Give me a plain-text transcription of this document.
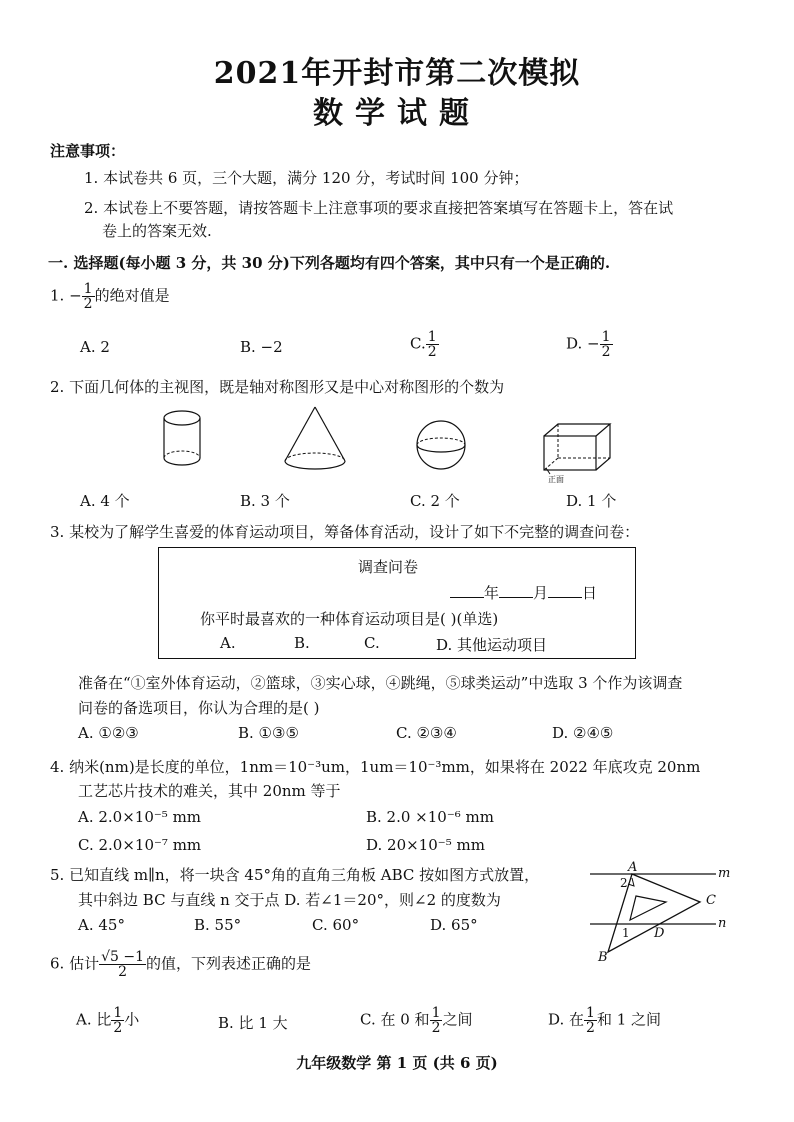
2021年开封市第二次模拟
数学试题
注意事项：
1. 本试卷共 6 页，三个大题，满分 120 分，考试时间 100 分钟；
2. 本试卷上不要答题，请按答题卡上注意事项的要求直接把答案填写在答题卡上，答在试
卷上的答案无效.
一. 选择题(每小题 3 分，共 30 分)下列各题均有四个答案，其中只有一个是正确的.
1. − $\frac{1}{2}$ 的绝对值是
A. 2	B. −2	C. $\frac{1}{2}$	D. − $\frac{1}{2}$
2. 下面几何体的主视图，既是轴对称图形又是中心对称图形的个数为
正面
A. 4 个	B. 3 个	C. 2 个	D. 1 个
3. 某校为了解学生喜爱的体育运动项目，筹备体育活动，设计了如下不完整的调查问卷：
调查问卷
年 月 日
你平时最喜欢的一种体育运动项目是( )(单选)
A.	B.	C.	D. 其他运动项目
准备在“①室外体育运动，②篮球，③实心球，④跳绳，⑤球类运动”中选取 3 个作为该调查
问卷的备选项目，你认为合理的是( )
A. ①②③	B. ①③⑤	C. ②③④	D. ②④⑤
4. 纳米(nm)是长度的单位，1nm＝10⁻³um，1um＝10⁻³mm，如果将在 2022 年底攻克 20nm
工艺芯片技术的难关，其中 20nm 等于
A. 2.0×10⁻⁵ mm	B. 2.0 ×10⁻⁶ mm
C. 2.0×10⁻⁷ mm	D. 20×10⁻⁵ mm
5. 已知直线 m∥n，将一块含 45°角的直角三角板 ABC 按如图方式放置，
其中斜边 BC 与直线 n 交于点 D. 若∠1＝20°，则∠2 的度数为
A. 45°	B. 55°	C. 60°	D. 65°
A	m
2
C
n
1 D
B
6. 估计 $\frac{√5 -1}{2}$ 的值，下列表述正确的是
A. 比 $\frac{1}{2}$ 小	B. 比 1 大	C. 在 0 和 $\frac{1}{2}$ 之间	D. 在 $\frac{1}{2}$ 和 1 之间
九年级数学 第 1 页 (共 6 页)
